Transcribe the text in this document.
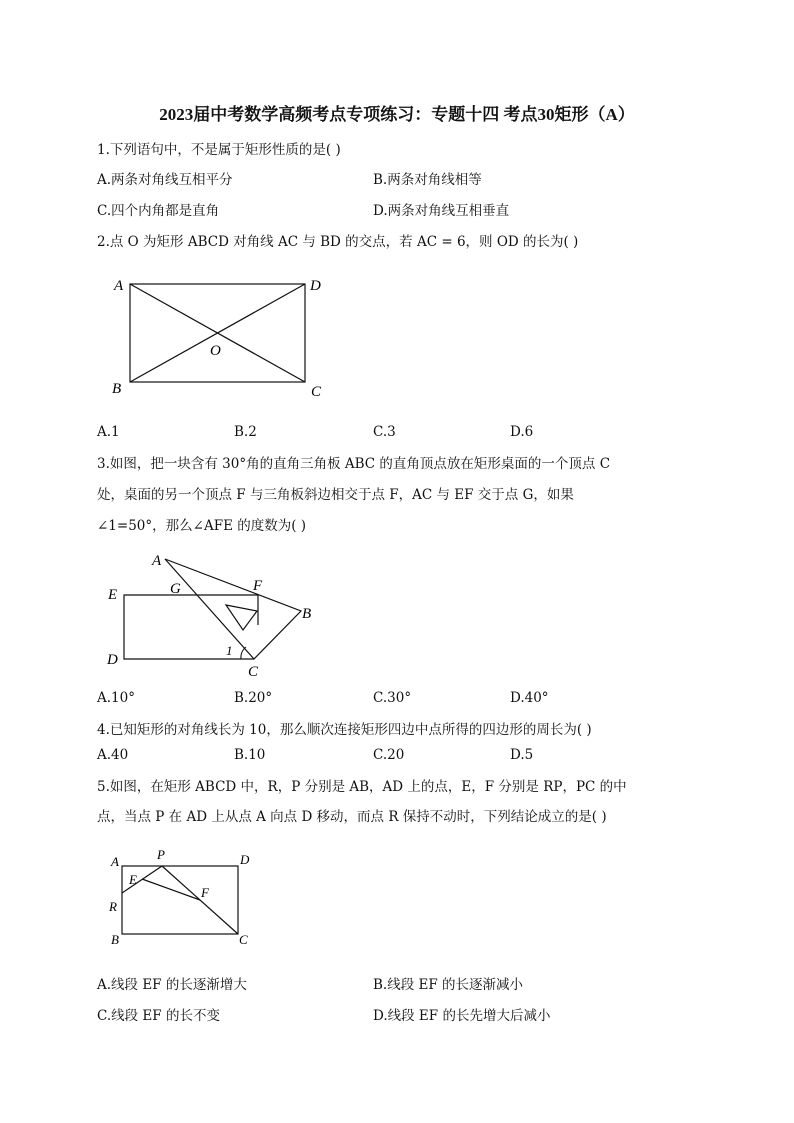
2023届中考数学高频考点专项练习：专题十四 考点30矩形（A）
1.下列语句中，不是属于矩形性质的是( )
A.两条对角线互相平分	B.两条对角线相等
C.四个内角都是直角	D.两条对角线互相垂直
2.点 O 为矩形 ABCD 对角线 AC 与 BD 的交点，若 AC = 6，则 OD 的长为( )
A	D
O
B	C
A.1	B.2	C.3	D.6
3.如图，把一块含有 30°角的直角三角板 ABC 的直角顶点放在矩形桌面的一个顶点 C
处，桌面的另一个顶点 F 与三角板斜边相交于点 F，AC 与 EF 交于点 G，如果
∠1=50°，那么∠AFE 的度数为( )
A
G	F
E
B
D
1
C
A.10°	B.20°	C.30°	D.40°
4.已知矩形的对角线长为 10，那么顺次连接矩形四边中点所得的四边形的周长为( )
A.40	B.10	C.20	D.5
5.如图，在矩形 ABCD 中，R，P 分别是 AB，AD 上的点，E，F 分别是 RP，PC 的中
点，当点 P 在 AD 上从点 A 向点 D 移动，而点 R 保持不动时，下列结论成立的是( )
A	P	D
E
F
R
B	C
A.线段 EF 的长逐渐增大	B.线段 EF 的长逐渐减小
C.线段 EF 的长不变	D.线段 EF 的长先增大后减小
